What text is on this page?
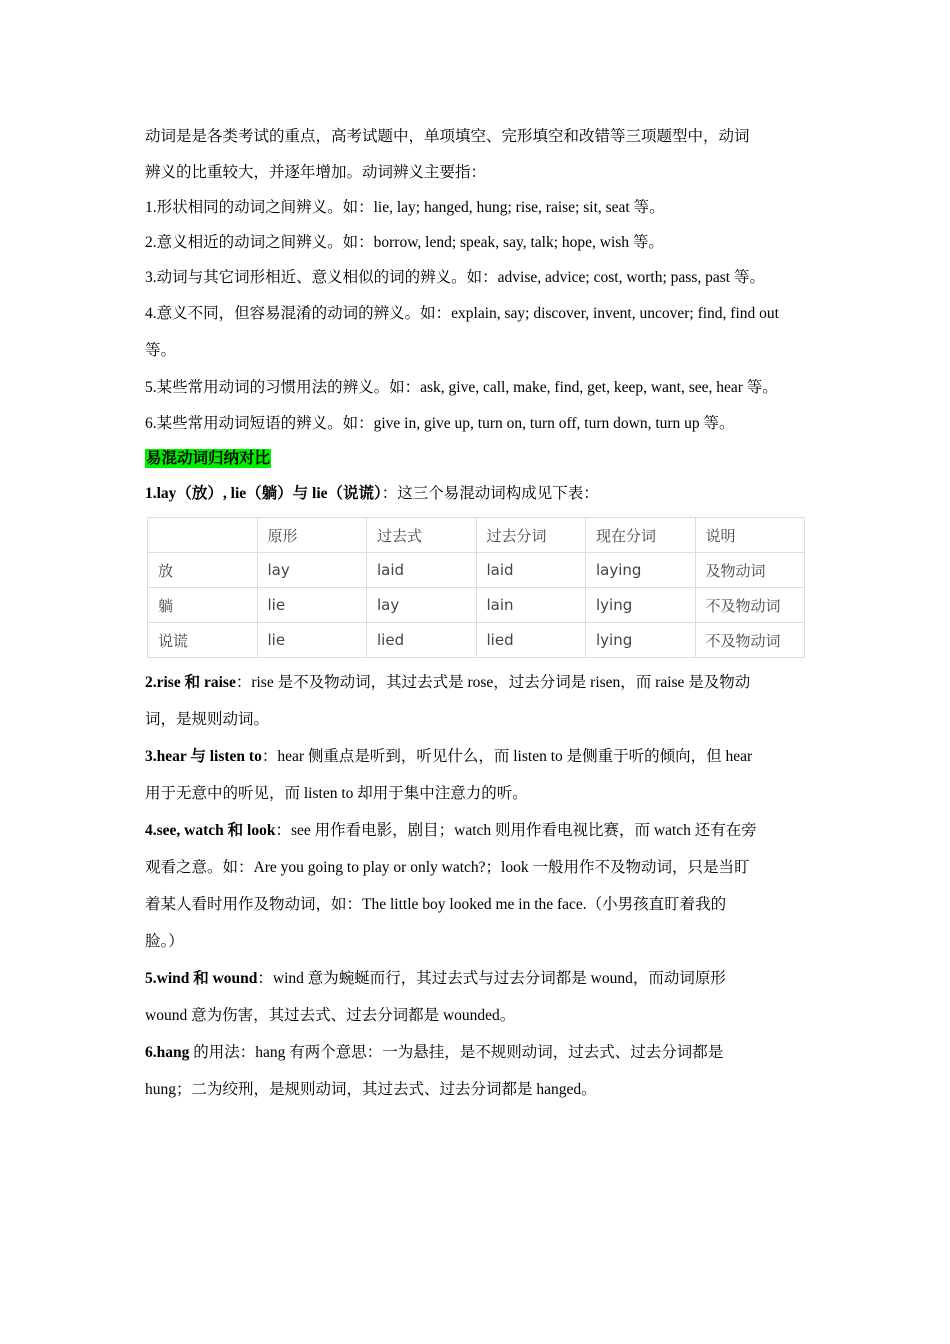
动词是是各类考试的重点，高考试题中，单项填空、完形填空和改错等三项题型中，动词

辨义的比重较大，并逐年增加。动词辨义主要指：

1.形状相同的动词之间辨义。如：lie, lay; hanged, hung; rise, raise; sit, seat 等。

2.意义相近的动词之间辨义。如：borrow, lend; speak, say, talk; hope, wish 等。

3.动词与其它词形相近、意义相似的词的辨义。如：advise, advice; cost, worth; pass, past 等。

4.意义不同，但容易混淆的动词的辨义。如：explain, say; discover, invent, uncover; find, find out 等。

5.某些常用动词的习惯用法的辨义。如：ask, give, call, make, find, get, keep, want, see, hear 等。

6.某些常用动词短语的辨义。如：give in, give up, turn on, turn off, turn down, turn up 等。

易混动词归纳对比

1.lay（放）, lie（躺）与 lie（说谎）：这三个易混动词构成见下表：

	原形	过去式	过去分词	现在分词	说明
放	lay	laid	laid	laying	及物动词
躺	lie	lay	lain	lying	不及物动词
说谎	lie	lied	lied	lying	不及物动词

2.rise 和 raise：rise 是不及物动词，其过去式是 rose，过去分词是 risen，而 raise 是及物动

词，是规则动词。

3.hear 与 listen to：hear 侧重点是听到，听见什么，而 listen to 是侧重于听的倾向，但 hear

用于无意中的听见，而 listen to 却用于集中注意力的听。

4.see, watch 和 look：see 用作看电影，剧目；watch 则用作看电视比赛，而 watch 还有在旁

观看之意。如：Are you going to play or only watch?；look 一般用作不及物动词，只是当盯

着某人看时用作及物动词，如：The little boy looked me in the face.（小男孩直盯着我的

脸。）

5.wind 和 wound：wind 意为蜿蜒而行，其过去式与过去分词都是 wound，而动词原形

wound 意为伤害，其过去式、过去分词都是 wounded。

6.hang 的用法：hang 有两个意思：一为悬挂，是不规则动词，过去式、过去分词都是

hung；二为绞刑，是规则动词，其过去式、过去分词都是 hanged。
